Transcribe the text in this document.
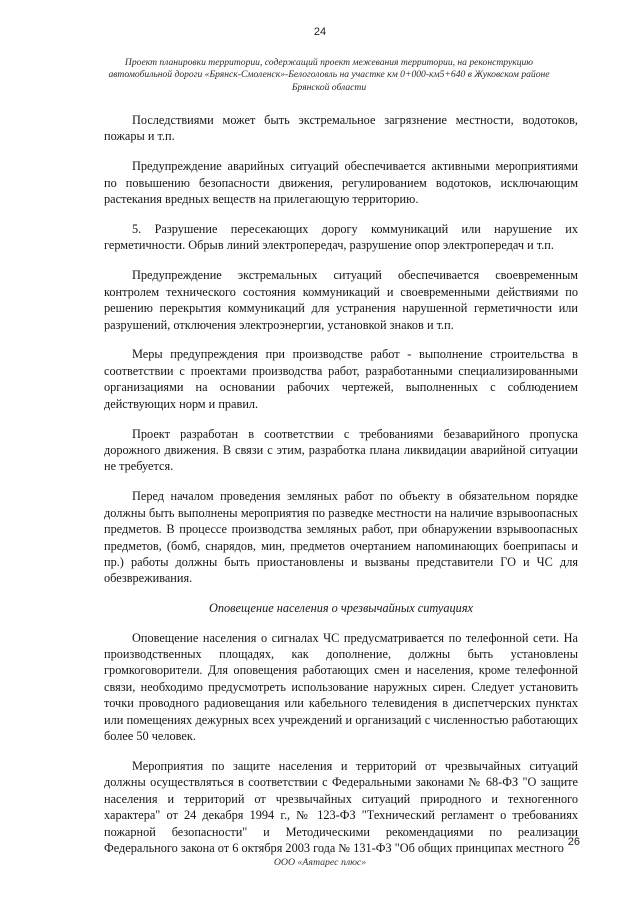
24
Проект планировки территории, содержащий проект межевания территории, на реконструкцию
автомобильной дороги «Брянск-Смоленск»-Белоголовль на участке км 0+000-км5+640 в Жуковском районе
Брянской области

Последствиями может быть экстремальное загрязнение местности, водотоков, пожары и т.п.

Предупреждение аварийных ситуаций обеспечивается активными мероприятиями по повышению безопасности движения, регулированием водотоков, исключающим растекания вредных веществ на прилегающую территорию.

5. Разрушение пересекающих дорогу коммуникаций или нарушение их герметичности. Обрыв линий электропередач, разрушение опор электропередач и т.п.

Предупреждение экстремальных ситуаций обеспечивается своевременным контролем технического состояния коммуникаций и своевременными действиями по решению перекрытия коммуникаций для устранения нарушенной герметичности или разрушений, отключения электроэнергии, установкой знаков и т.п.

Меры предупреждения при производстве работ - выполнение строительства в соответствии с проектами производства работ, разработанными специализированными организациями на основании рабочих чертежей, выполненных с соблюдением действующих норм и правил.

Проект разработан в соответствии с требованиями безаварийного пропуска дорожного движения. В связи с этим, разработка плана ликвидации аварийной ситуации не требуется.

Перед началом проведения земляных работ по объекту в обязательном порядке должны быть выполнены мероприятия по разведке местности на наличие взрывоопасных предметов. В процессе производства земляных работ, при обнаружении взрывоопасных предметов, (бомб, снарядов, мин, предметов очертанием напоминающих боеприпасы и пр.) работы должны быть приостановлены и вызваны представители ГО и ЧС для обезвреживания.

Оповещение населения о чрезвычайных ситуациях

Оповещение населения о сигналах ЧС предусматривается по телефонной сети. На производственных площадях, как дополнение, должны быть установлены громкоговорители. Для оповещения работающих смен и населения, кроме телефонной связи, необходимо предусмотреть использование наружных сирен. Следует установить точки проводного радиовещания или кабельного телевидения в диспетчерских пунктах или помещениях дежурных всех учреждений и организаций с численностью работающих более 50 человек.

Мероприятия по защите населения и территорий от чрезвычайных ситуаций должны осуществляться в соответствии с Федеральными законами № 68-ФЗ "О защите населения и территорий от чрезвычайных ситуаций природного и техногенного характера" от 24 декабря 1994 г., № 123-ФЗ "Технический регламент о требованиях пожарной безопасности" и Методическими рекомендациями по реализации Федерального закона от 6 октября 2003 года № 131-ФЗ "Об общих принципах местного 26
ООО «Аятарес плюс»
